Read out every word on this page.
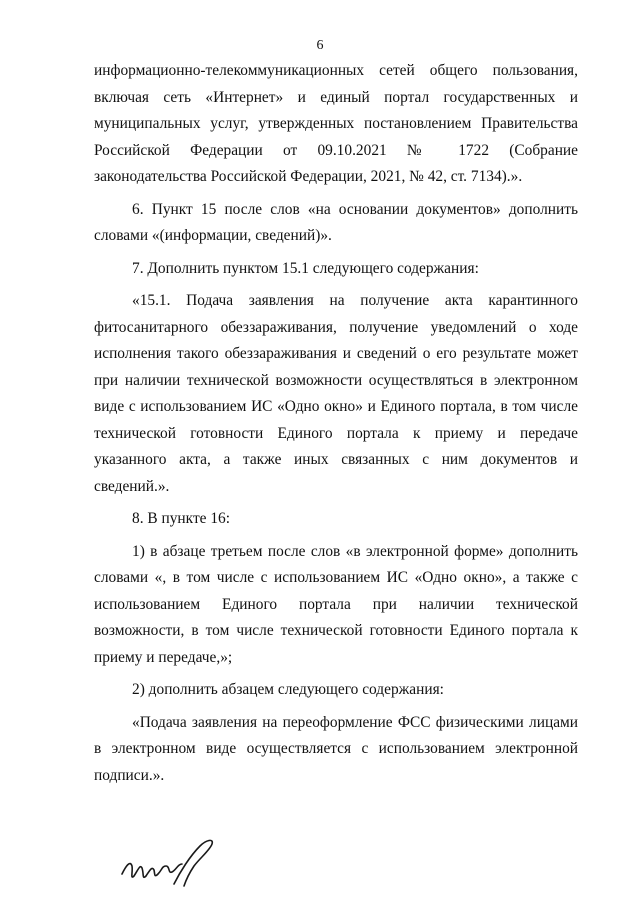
6

информационно-телекоммуникационных сетей общего пользования, включая сеть «Интернет» и единый портал государственных и муниципальных услуг, утвержденных постановлением Правительства Российской Федерации от 09.10.2021 № 1722 (Собрание законодательства Российской Федерации, 2021, № 42, ст. 7134).».

6. Пункт 15 после слов «на основании документов» дополнить словами «(информации, сведений)».

7. Дополнить пунктом 15.1 следующего содержания:

«15.1. Подача заявления на получение акта карантинного фитосанитарного обеззараживания, получение уведомлений о ходе исполнения такого обеззараживания и сведений о его результате может при наличии технической возможности осуществляться в электронном виде с использованием ИС «Одно окно» и Единого портала, в том числе технической готовности Единого портала к приему и передаче указанного акта, а также иных связанных с ним документов и сведений.».

8. В пункте 16:

1) в абзаце третьем после слов «в электронной форме» дополнить словами «, в том числе с использованием ИС «Одно окно», а также с использованием Единого портала при наличии технической возможности, в том числе технической готовности Единого портала к приему и передаче,»;

2) дополнить абзацем следующего содержания:

«Подача заявления на переоформление ФСС физическими лицами в электронном виде осуществляется с использованием электронной подписи.».
